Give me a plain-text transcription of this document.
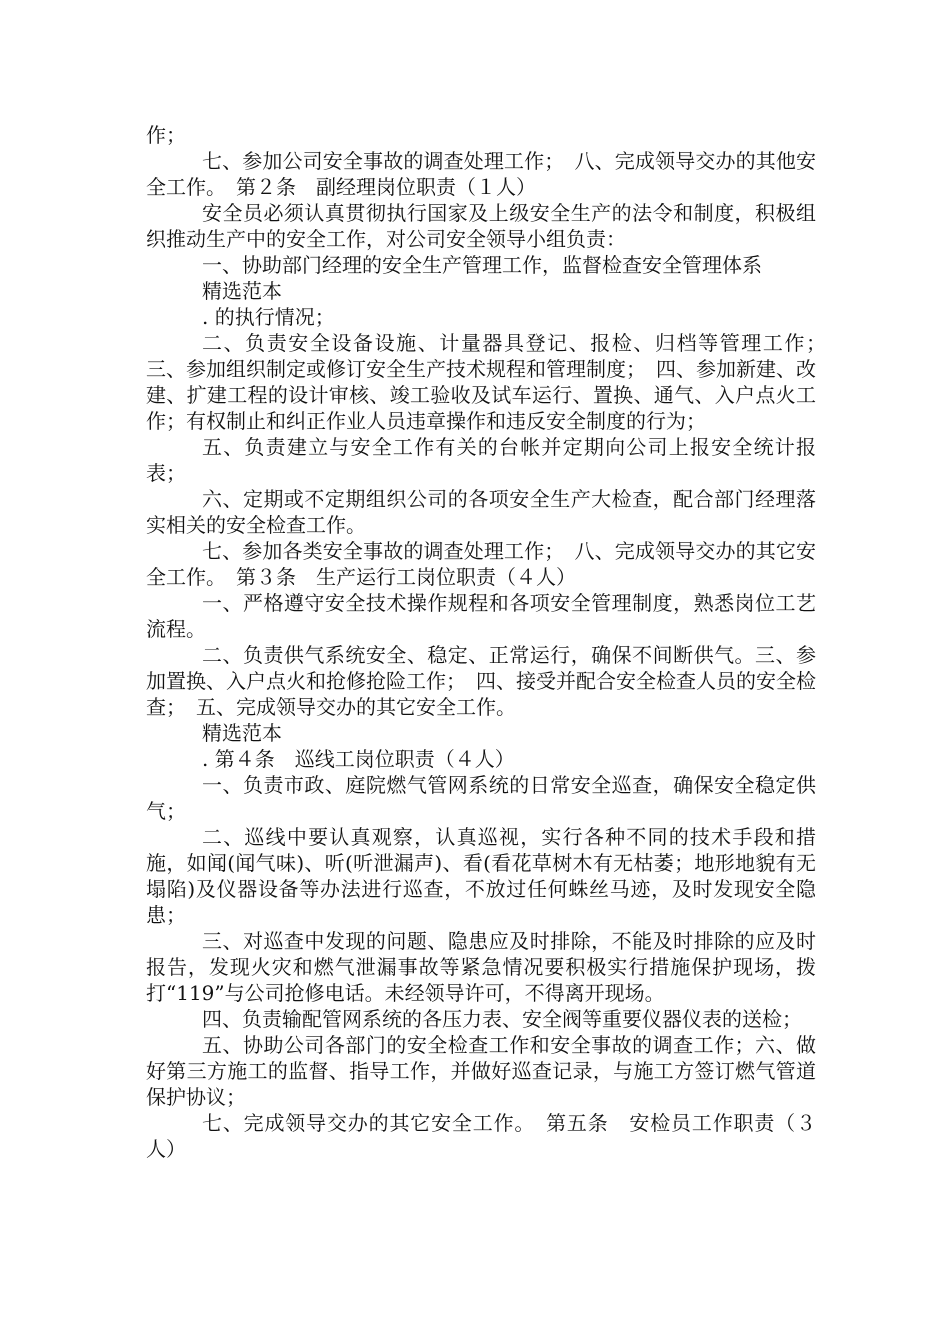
作；

七、参加公司安全事故的调查处理工作；　八、完成领导交办的其他安全工作。　第２条　副经理岗位职责（１人）

安全员必须认真贯彻执行国家及上级安全生产的法令和制度，积极组织推动生产中的安全工作，对公司安全领导小组负责：

一、协助部门经理的安全生产管理工作，监督检查安全管理体系

精选范本

. 的执行情况；

二、负责安全设备设施、计量器具登记、报检、归档等管理工作；　三、参加组织制定或修订安全生产技术规程和管理制度；　四、参加新建、改建、扩建工程的设计审核、竣工验收及试车运行、置换、通气、入户点火工作；有权制止和纠正作业人员违章操作和违反安全制度的行为；

五、负责建立与安全工作有关的台帐并定期向公司上报安全统计报表；

六、定期或不定期组织公司的各项安全生产大检查，配合部门经理落实相关的安全检查工作。

七、参加各类安全事故的调查处理工作；　八、完成领导交办的其它安全工作。　第３条　生产运行工岗位职责（４人）

一、严格遵守安全技术操作规程和各项安全管理制度，熟悉岗位工艺流程。

二、负责供气系统安全、稳定、正常运行，确保不间断供气。三、参加置换、入户点火和抢修抢险工作；　四、接受并配合安全检查人员的安全检查；　五、完成领导交办的其它安全工作。

精选范本

. 第４条　巡线工岗位职责（４人）

一、负责市政、庭院燃气管网系统的日常安全巡查，确保安全稳定供气；

二、巡线中要认真观察，认真巡视，实行各种不同的技术手段和措施，如闻(闻气味)、听(听泄漏声)、看(看花草树木有无枯萎；地形地貌有无塌陷)及仪器设备等办法进行巡查，不放过任何蛛丝马迹，及时发现安全隐患；

三、对巡查中发现的问题、隐患应及时排除，不能及时排除的应及时报告，发现火灾和燃气泄漏事故等紧急情况要积极实行措施保护现场，拨打“119”与公司抢修电话。未经领导许可，不得离开现场。

四、负责输配管网系统的各压力表、安全阀等重要仪器仪表的送检；

五、协助公司各部门的安全检查工作和安全事故的调查工作；六、做好第三方施工的监督、指导工作，并做好巡查记录，与施工方签订燃气管道保护协议；

七、完成领导交办的其它安全工作。　第五条　安检员工作职责（３人）
